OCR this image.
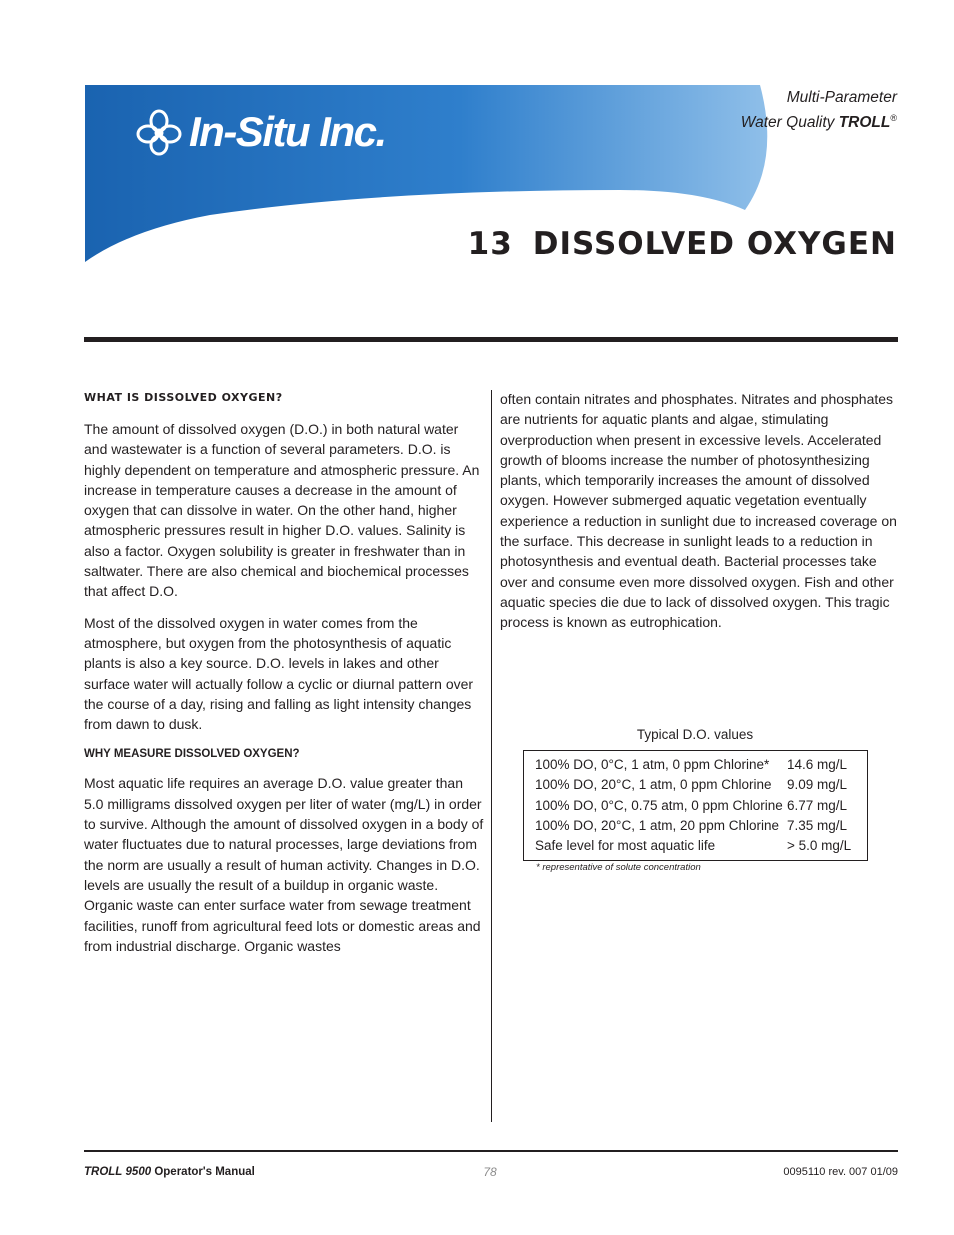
In-Situ Inc.
Multi-Parameter
Water Quality TROLL®
13 DISSOLVED OXYGEN
WHAT IS DISSOLVED OXYGEN?

The amount of dissolved oxygen (D.O.) in both natural water and wastewater is a function of several parameters. D.O. is highly dependent on temperature and atmospheric pressure. An increase in temperature causes a decrease in the amount of oxygen that can dissolve in water. On the other hand, higher atmospheric pressures result in higher D.O. values. Salinity is also a factor. Oxygen solubility is greater in freshwater than in saltwater. There are also chemical and biochemical processes that affect D.O.

Most of the dissolved oxygen in water comes from the atmosphere, but oxygen from the photosynthesis of aquatic plants is also a key source. D.O. levels in lakes and other surface water will actually follow a cyclic or diurnal pattern over the course of a day, rising and falling as light intensity changes from dawn to dusk.

WHY MEASURE DISSOLVED OXYGEN?

Most aquatic life requires an average D.O. value greater than 5.0 milligrams dissolved oxygen per liter of water (mg/L) in order to survive. Although the amount of dissolved oxygen in a body of water fluctuates due to natural processes, large deviations from the norm are usually a result of human activity. Changes in D.O. levels are usually the result of a buildup in organic waste. Organic waste can enter surface water from sewage treatment facilities, runoff from agricultural feed lots or domestic areas and from industrial discharge. Organic wastes

often contain nitrates and phosphates. Nitrates and phosphates are nutrients for aquatic plants and algae, stimulating overproduction when present in excessive levels. Accelerated growth of blooms increase the number of photosynthesizing plants, which temporarily increases the amount of dissolved oxygen. However submerged aquatic vegetation eventually experience a reduction in sunlight due to increased coverage on the surface. This decrease in sunlight leads to a reduction in photosynthesis and eventual death. Bacterial processes take over and consume even more dissolved oxygen. Fish and other aquatic species die due to lack of dissolved oxygen. This tragic process is known as eutrophication.

Typical D.O. values
100% DO, 0°C, 1 atm, 0 ppm Chlorine* 14.6 mg/L
100% DO, 20°C, 1 atm, 0 ppm Chlorine 9.09 mg/L
100% DO, 0°C, 0.75 atm, 0 ppm Chlorine 6.77 mg/L
100% DO, 20°C, 1 atm, 20 ppm Chlorine 7.35 mg/L
Safe level for most aquatic life	> 5.0 mg/L
* representative of solute concentration
TROLL 9500 Operator's Manual	78	0095110 rev. 007 01/09
